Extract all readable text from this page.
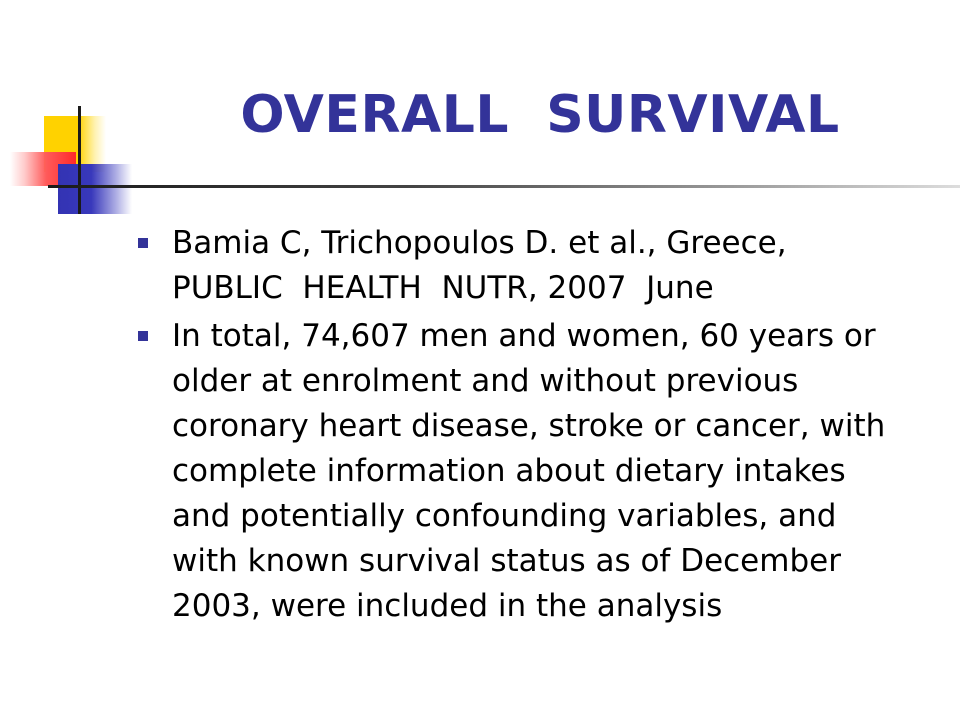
OVERALL  SURVIVAL
Bamia C, Trichopoulos D. et al., Greece,
PUBLIC  HEALTH  NUTR, 2007  June
In total, 74,607 men and women, 60 years or
older at enrolment and without previous
coronary heart disease, stroke or cancer, with
complete information about dietary intakes
and potentially confounding variables, and
with known survival status as of December
2003, were included in the analysis
